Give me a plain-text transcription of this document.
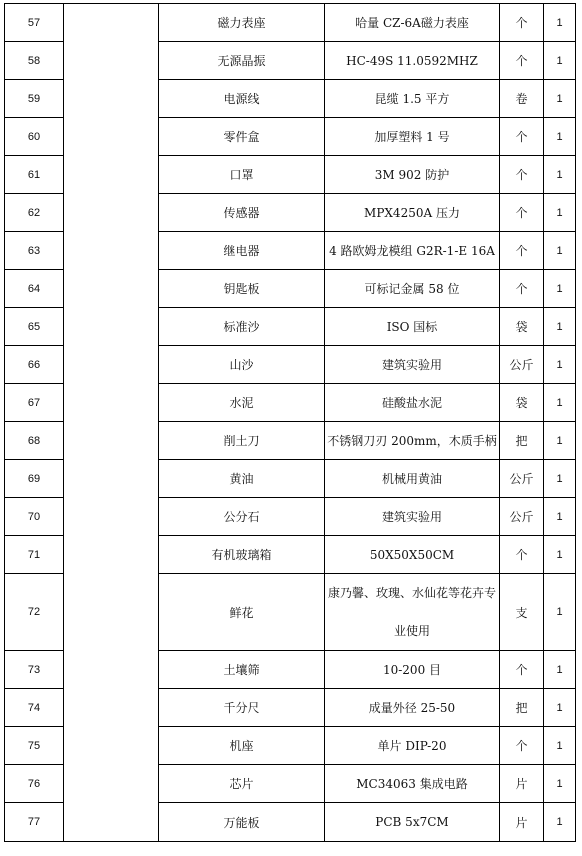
57		磁力表座	哈量 CZ-6A磁力表座	个	1
58		无源晶振	HC-49S 11.0592MHZ	个	1
59		电源线	昆缆 1.5 平方	卷	1
60		零件盒	加厚塑料 1 号	个	1
61		口罩	3M 902 防护	个	1
62		传感器	MPX4250A 压力	个	1
63		继电器	4 路欧姆龙模组 G2R-1-E 16A	个	1
64		钥匙板	可标记金属 58 位	个	1
65		标准沙	ISO 国标	袋	1
66		山沙	建筑实验用	公斤	1
67		水泥	硅酸盐水泥	袋	1
68		削土刀	不锈钢刀刃 200mm，木质手柄	把	1
69		黄油	机械用黄油	公斤	1
70		公分石	建筑实验用	公斤	1
71		有机玻璃箱	50X50X50CM	个	1
72		鲜花	康乃馨、玫瑰、水仙花等花卉专业使用	支	1
73		土壤筛	10-200 目	个	1
74		千分尺	成量外径 25-50	把	1
75		机座	单片 DIP-20	个	1
76		芯片	MC34063 集成电路	片	1
77		万能板	PCB 5x7CM	片	1
